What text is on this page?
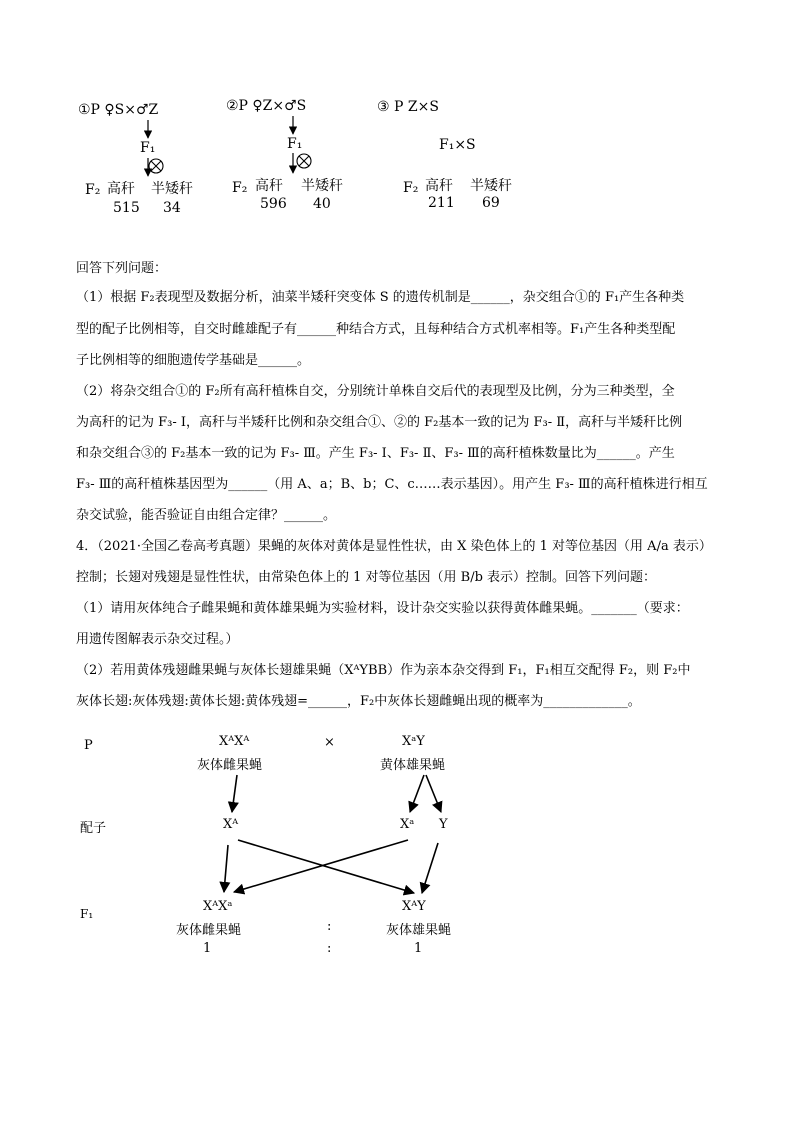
①P ♀S×♂Z
F₁
F₂ 高秆 半矮秆
515 34
②P ♀Z×♂S
F₁
F₂ 高秆 半矮秆
596 40
③ P Z×S
F₁×S
F₂ 高秆 半矮秆
211 69
回答下列问题：
（1）根据 F₂表现型及数据分析，油菜半矮秆突变体 S 的遗传机制是______，杂交组合①的 F₁产生各种类
型的配子比例相等，自交时雌雄配子有______种结合方式，且每种结合方式机率相等。F₁产生各种类型配
子比例相等的细胞遗传学基础是______。
（2）将杂交组合①的 F₂所有高秆植株自交，分别统计单株自交后代的表现型及比例，分为三种类型，全
为高秆的记为 F₃- Ⅰ，高秆与半矮秆比例和杂交组合①、②的 F₂基本一致的记为 F₃- Ⅱ，高秆与半矮秆比例
和杂交组合③的 F₂基本一致的记为 F₃- Ⅲ。产生 F₃- Ⅰ、F₃- Ⅱ、F₃- Ⅲ的高秆植株数量比为______。产生
F₃- Ⅲ的高秆植株基因型为______（用 A、a；B、b；C、c……表示基因）。用产生 F₃- Ⅲ的高秆植株进行相互
杂交试验，能否验证自由组合定律？______。
4．（2021·全国乙卷高考真题）果蝇的灰体对黄体是显性性状，由 X 染色体上的 1 对等位基因（用 A/a 表示）
控制；长翅对残翅是显性性状，由常染色体上的 1 对等位基因（用 B/b 表示）控制。回答下列问题：
（1）请用灰体纯合子雌果蝇和黄体雄果蝇为实验材料，设计杂交实验以获得黄体雌果蝇。_______（要求：
用遗传图解表示杂交过程。）
（2）若用黄体残翅雌果蝇与灰体长翅雄果蝇（XᴬYBB）作为亲本杂交得到 F₁，F₁相互交配得 F₂，则 F₂中
灰体长翅:灰体残翅:黄体长翅:黄体残翅=______，F₂中灰体长翅雌蝇出现的概率为_____________。
P
配子
F₁
XᴬXᴬ
灰体雌果蝇
×	XᵃY
黄体雄果蝇
Xᴬ	Xᵃ Y
XᴬXᵃ
灰体雌果蝇	:
XᴬY
灰体雄果蝇
1	:	1
